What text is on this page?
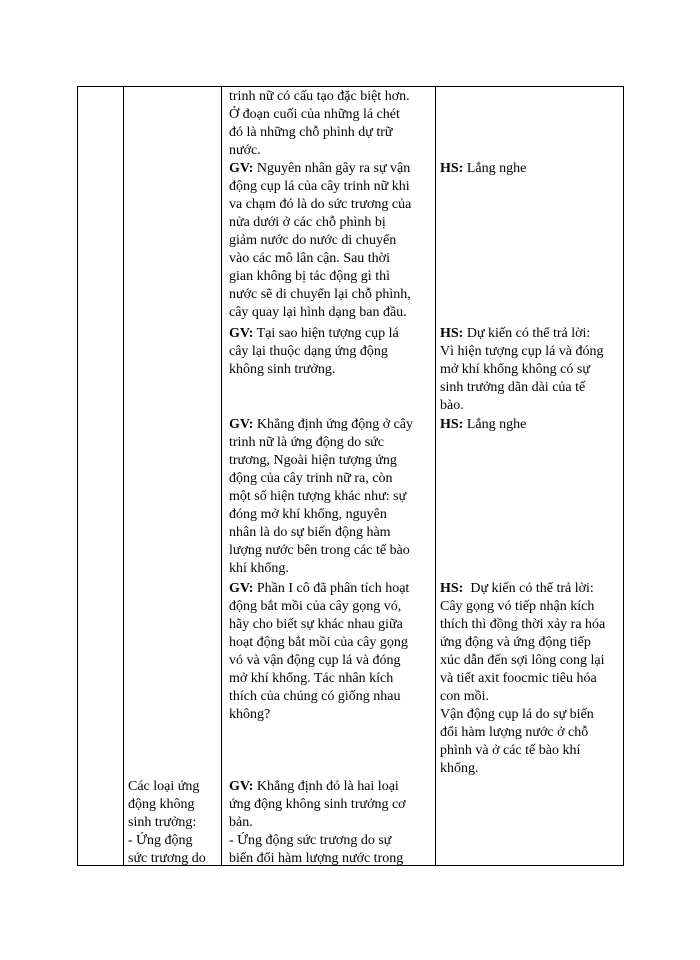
trinh nữ có cấu tạo đặc biệt hơn.
Ở đoạn cuối của những lá chét
đó là những chỗ phình dự trữ
nước.
GV: Nguyên nhân gây ra sự vận
động cụp lá của cây trinh nữ khi
va chạm đó là do sức trương của
nửa dưới ở các chỗ phình bị
giảm nước do nước di chuyển
vào các mô lân cận. Sau thời
gian không bị tác động gì thì
nước sẽ di chuyển lại chỗ phình,
cây quay lại hình dạng ban đầu.
HS: Lắng nghe
GV: Tại sao hiện tượng cụp lá
cây lại thuộc dạng ứng động
không sinh trưởng.
HS: Dự kiến có thể trả lời:
Vì hiện tượng cụp lá và đóng
mở khí khổng không có sự
sinh trưởng dãn dài của tế
bào.
GV: Khẳng định ứng động ở cây
trinh nữ là ứng động do sức
trương, Ngoài hiện tượng ứng
động của cây trinh nữ ra, còn
một số hiện tượng khác như: sự
đóng mở khí khổng, nguyên
nhân là do sự biến động hàm
lượng nước bên trong các tế bào
khí khổng.
HS: Lắng nghe
GV: Phần I cô đã phân tích hoạt
động bắt mồi của cây gọng vó,
hãy cho biết sự khác nhau giữa
hoạt động bắt mồi của cây gọng
vó và vận động cụp lá và đóng
mở khí khổng. Tác nhân kích
thích của chúng có giống nhau
không?
HS: Dự kiến có thể trả lời:
Cây gọng vó tiếp nhận kích
thích thì đồng thời xảy ra hóa
ứng động và ứng động tiếp
xúc dẫn đến sợi lông cong lại
và tiết axit foocmic tiêu hóa
con mồi.
Vận động cụp lá do sự biến
đổi hàm lượng nước ở chỗ
phình và ở các tế bào khí
khổng.
Các loại ứng
động không
sinh trưởng:
- Ứng động
sức trương do
GV: Khẳng định đó là hai loại
ứng động không sinh trưởng cơ
bản.
- Ứng động sức trương do sự
biến đổi hàm lượng nước trong
